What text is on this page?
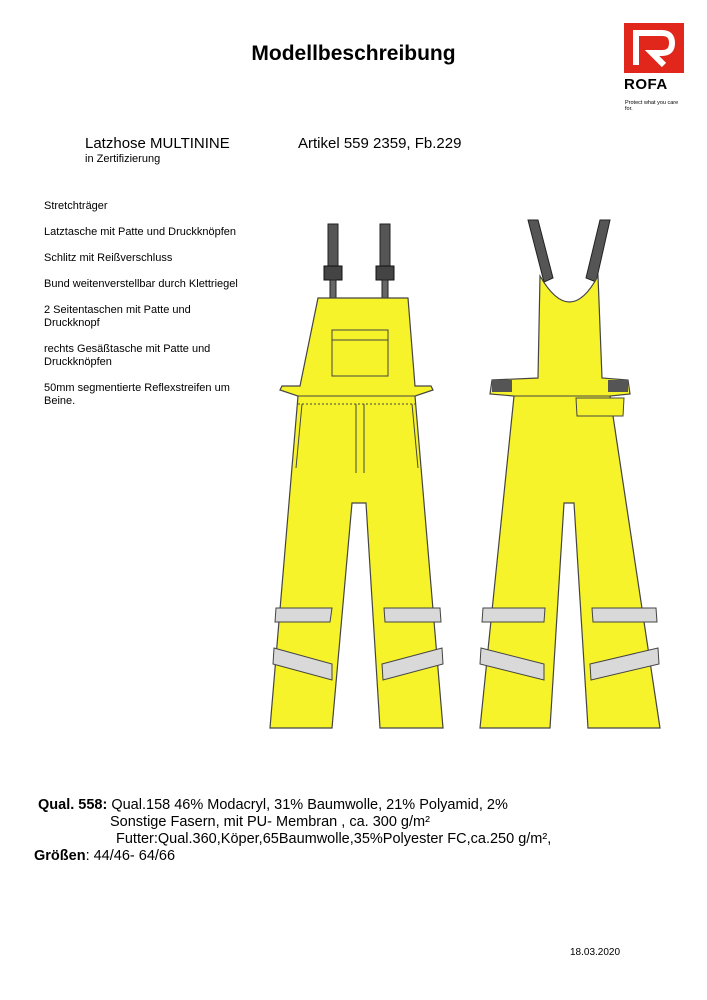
Modellbeschreibung
ROFA
Protect what you care for.
Latzhose MULTININE
in Zertifizierung
Artikel 559 2359, Fb.229
Stretchträger
Latztasche mit Patte und Druckknöpfen
Schlitz mit Reißverschluss
Bund weitenverstellbar durch Klettriegel
2 Seitentaschen mit Patte und Druckknopf
rechts Gesäßtasche mit Patte und Druckknöpfen
50mm segmentierte Reflexstreifen um Beine.
Qual. 558: Qual.158 46% Modacryl, 31% Baumwolle, 21% Polyamid, 2%
Sonstige Fasern, mit PU- Membran , ca. 300 g/m²
Futter:Qual.360,Köper,65Baumwolle,35%Polyester FC,ca.250 g/m²,
Größen: 44/46- 64/66
18.03.2020
